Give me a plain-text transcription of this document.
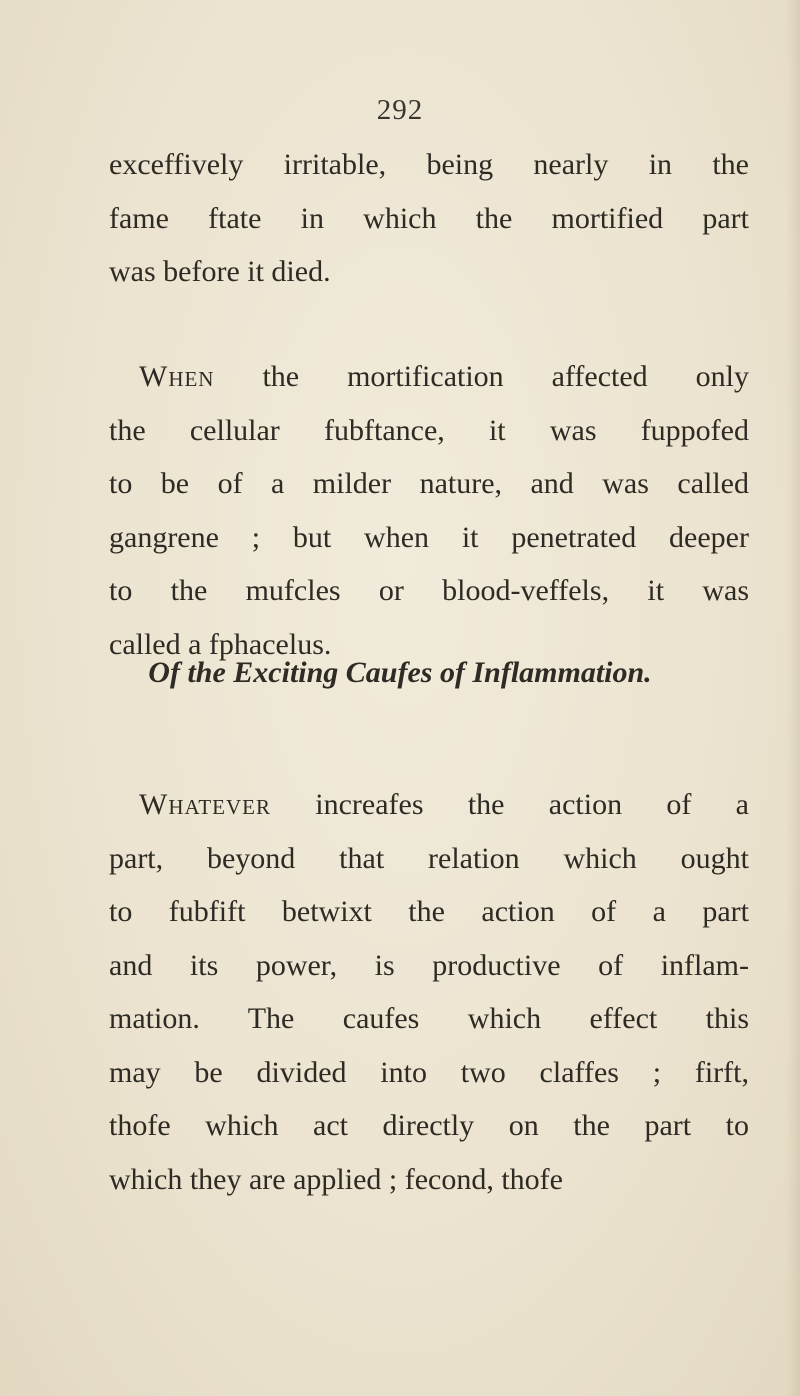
292

exceffively irritable, being nearly in the
fame ftate in which the mortified part
was before it died.

When the mortification affected only
the cellular fubftance, it was fuppofed
to be of a milder nature, and was called
gangrene ; but when it penetrated deeper
to the mufcles or blood-veffels, it was
called a fphacelus.

Of the Exciting Caufes of Inflammation.

Whatever increafes the action of a
part, beyond that relation which ought
to fubfift betwixt the action of a part
and its power, is productive of inflam-
mation. The caufes which effect this
may be divided into two claffes ; firft,
thofe which act directly on the part to
which they are applied ; fecond, thofe
